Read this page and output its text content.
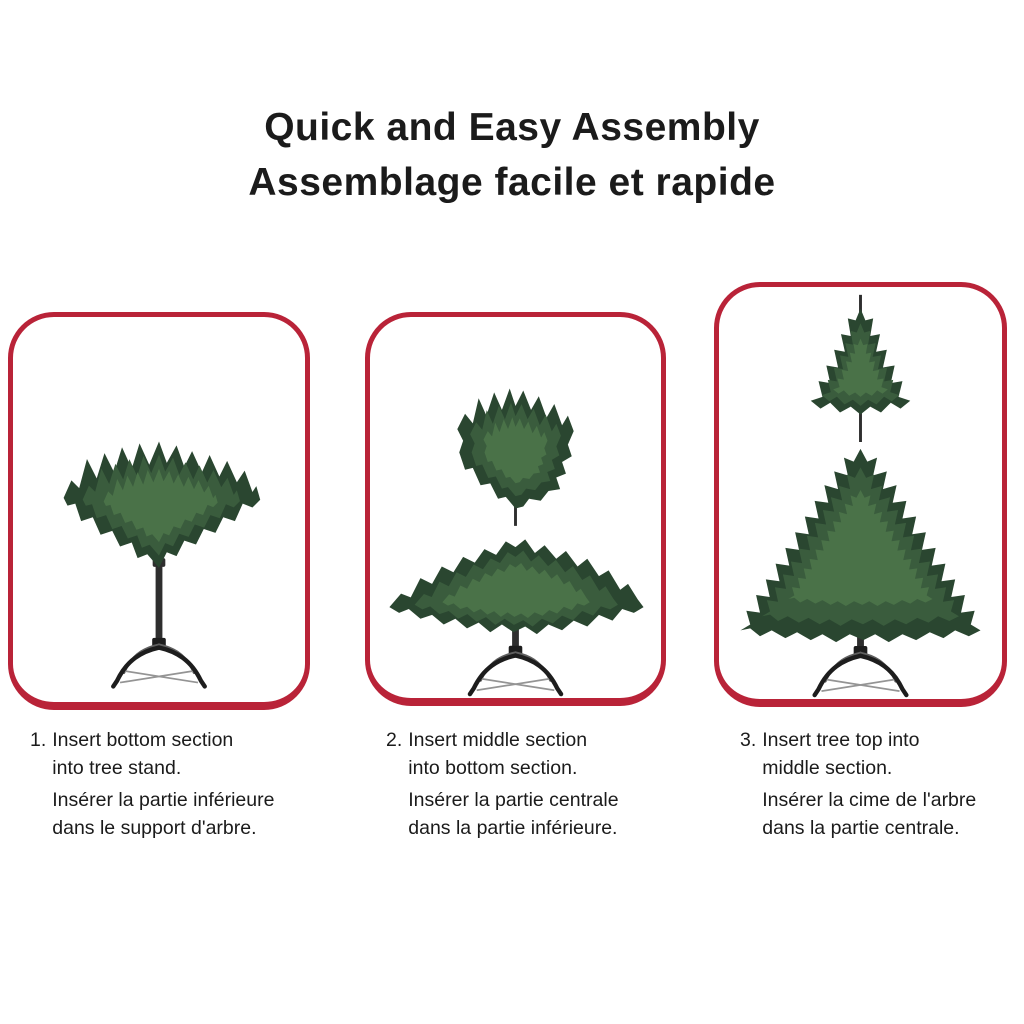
Quick and Easy Assembly
Assemblage facile et rapide
1. Insert bottom section
into tree stand.
Insérer la partie inférieure
dans le support d'arbre.
2. Insert middle section
into bottom section.
Insérer la partie centrale
dans la partie inférieure.
3. Insert tree top into
middle section.
Insérer la cime de l'arbre
dans la partie centrale.
